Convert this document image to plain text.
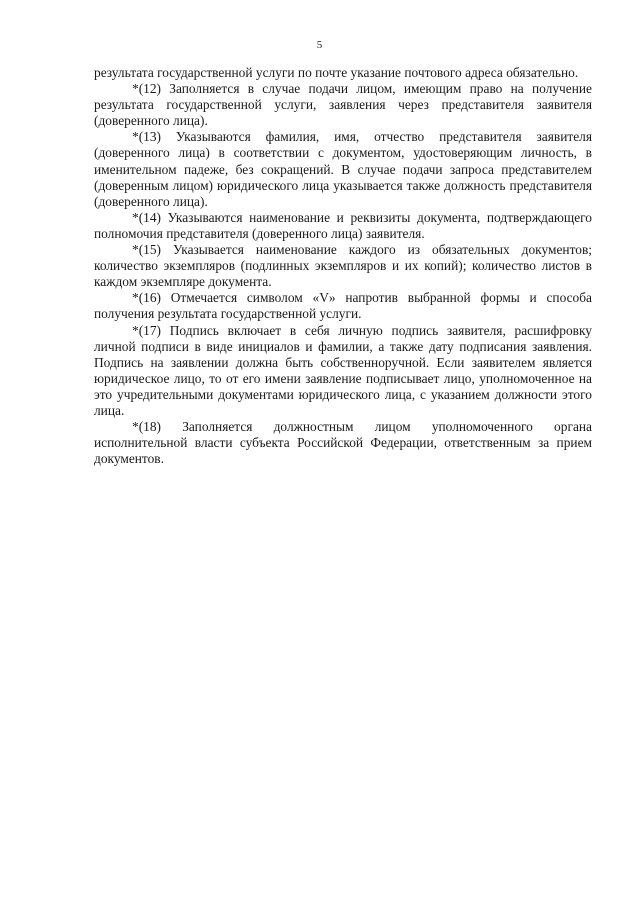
5

результата государственной услуги по почте указание почтового адреса обязательно.

*(12) Заполняется в случае подачи лицом, имеющим право на получение результата государственной услуги, заявления через представителя заявителя (доверенного лица).

*(13) Указываются фамилия, имя, отчество представителя заявителя (доверенного лица) в соответствии с документом, удостоверяющим личность, в именительном падеже, без сокращений. В случае подачи запроса представителем (доверенным лицом) юридического лица указывается также должность представителя (доверенного лица).

*(14) Указываются наименование и реквизиты документа, подтверждающего полномочия представителя (доверенного лица) заявителя.

*(15) Указывается наименование каждого из обязательных документов; количество экземпляров (подлинных экземпляров и их копий); количество листов в каждом экземпляре документа.

*(16) Отмечается символом «V» напротив выбранной формы и способа получения результата государственной услуги.

*(17) Подпись включает в себя личную подпись заявителя, расшифровку личной подписи в виде инициалов и фамилии, а также дату подписания заявления. Подпись на заявлении должна быть собственноручной. Если заявителем является юридическое лицо, то от его имени заявление подписывает лицо, уполномоченное на это учредительными документами юридического лица, с указанием должности этого лица.

*(18) Заполняется должностным лицом уполномоченного органа исполнительной власти субъекта Российской Федерации, ответственным за прием документов.
